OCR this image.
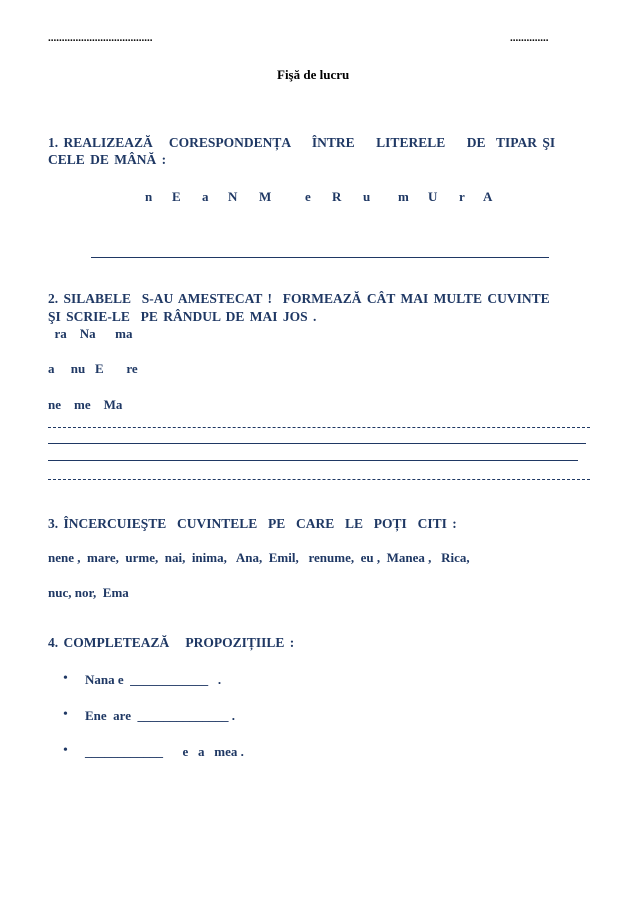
......................................	..............
Fişă de lucru
1. REALIZEAZĂ   CORESPONDENȚA    ÎNTRE    LITERELE    DE  TIPAR ŞI
CELE DE MÂNĂ :
n E a N M	e R u m U r A
2. SILABELE  S-AU AMESTECAT !  FORMEAZĂ CÂT MAI MULTE CUVINTE
ŞI SCRIE-LE  PE RÂNDUL DE MAI JOS .
ra    Na      ma
a     nu   E       re
ne    me    Ma
3. ÎNCERCUIEŞTE  CUVINTELE  PE  CARE  LE  POȚI  CITI :
nene ,  mare,  urme,  nai,  inima,   Ana,  Emil,   renume,  eu ,  Manea ,   Rica,
nuc, nor,  Ema
4. COMPLETEAZĂ   PROPOZIȚIILE :
• Nana e  ____________   .
• Ene  are  ______________ .
• ____________      e   a   mea .
